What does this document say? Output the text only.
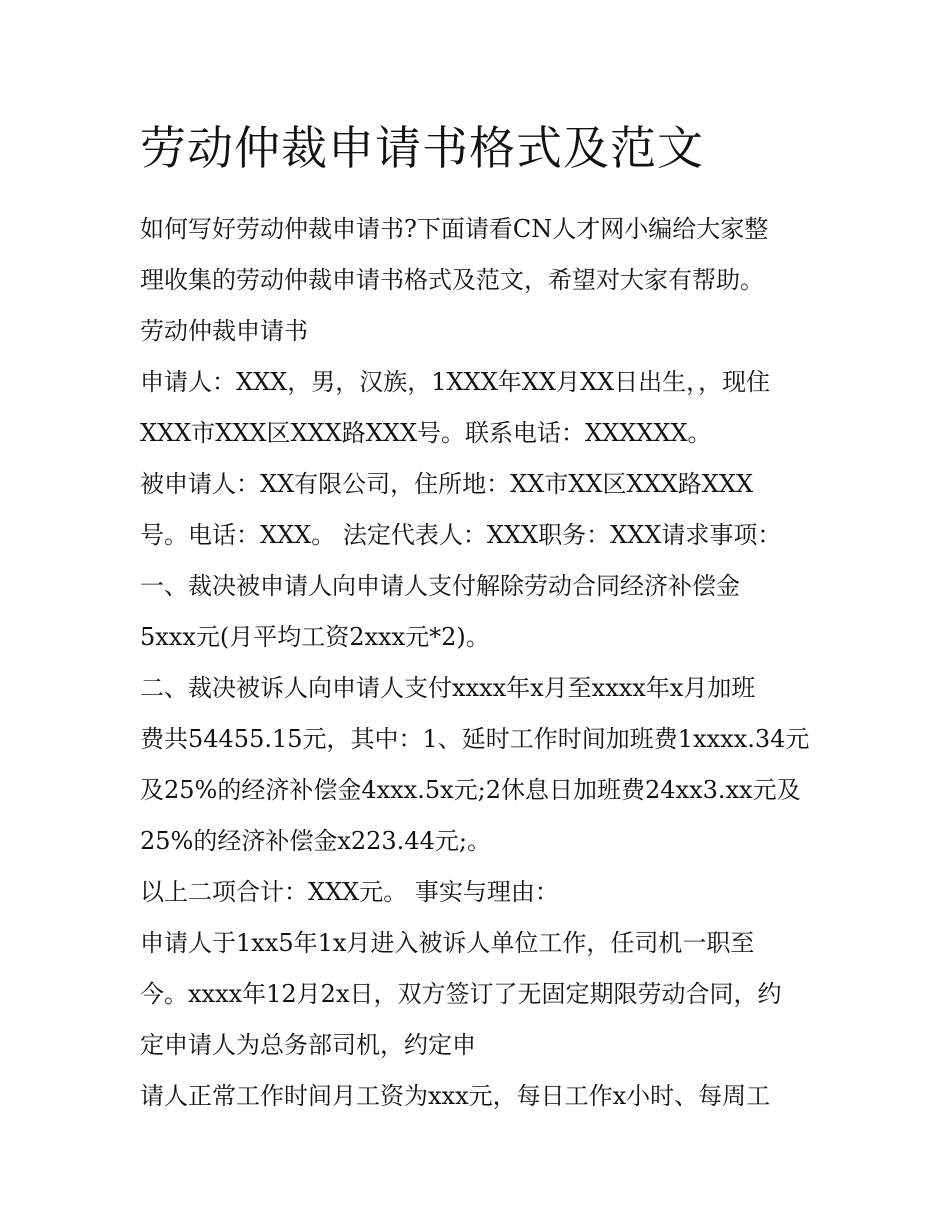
劳动仲裁申请书格式及范文

如何写好劳动仲裁申请书?下面请看CN人才网小编给大家整

理收集的劳动仲裁申请书格式及范文，希望对大家有帮助。

劳动仲裁申请书

申请人：XXX，男，汉族，1XXX年XX月XX日出生，，现住

XXX市XXX区XXX路XXX号。联系电话：XXXXXX。

被申请人：XX有限公司，住所地：XX市XX区XXX路XXX

号。电话：XXX。 法定代表人：XXX职务：XXX请求事项：

一、裁决被申请人向申请人支付解除劳动合同经济补偿金

5xxx元(月平均工资2xxx元*2)。

二、裁决被诉人向申请人支付xxxx年x月至xxxx年x月加班

费共54455.15元，其中：1、延时工作时间加班费1xxxx.34元

及25%的经济补偿金4xxx.5x元;2休息日加班费24xx3.xx元及

25%的经济补偿金x223.44元;。

以上二项合计：XXX元。 事实与理由：

申请人于1xx5年1x月进入被诉人单位工作，任司机一职至

今。xxxx年12月2x日，双方签订了无固定期限劳动合同，约

定申请人为总务部司机，约定申

请人正常工作时间月工资为xxx元，每日工作x小时、每周工
